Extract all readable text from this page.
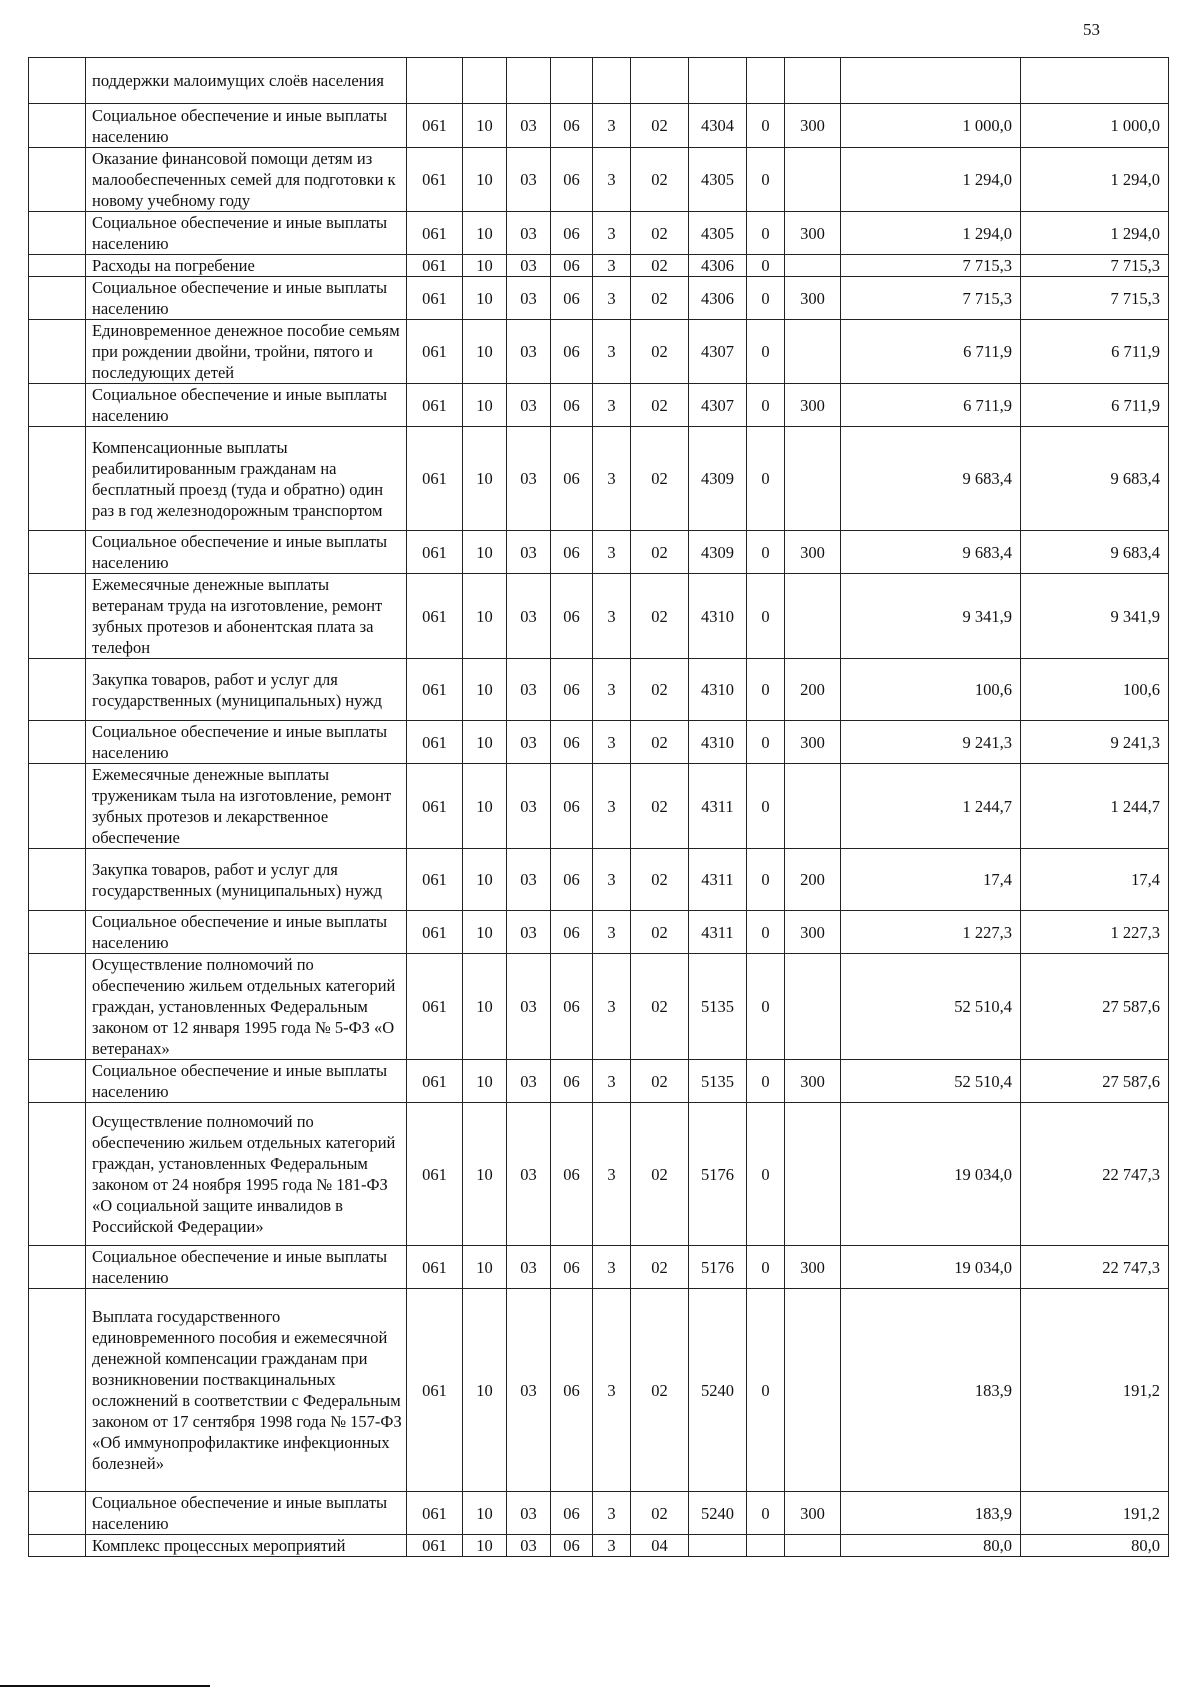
53
	поддержки малоимущих слоёв населения											
	Социальное обеспечение и иные выплаты населению	061	10	03	06	3	02	4304	0	300	1 000,0	1 000,0
	Оказание финансовой помощи детям из малообеспеченных семей для подготовки к новому учебному году	061	10	03	06	3	02	4305	0		1 294,0	1 294,0
	Социальное обеспечение и иные выплаты населению	061	10	03	06	3	02	4305	0	300	1 294,0	1 294,0
	Расходы на погребение	061	10	03	06	3	02	4306	0		7 715,3	7 715,3
	Социальное обеспечение и иные выплаты населению	061	10	03	06	3	02	4306	0	300	7 715,3	7 715,3
	Единовременное денежное пособие семьям при рождении двойни, тройни, пятого и последующих детей	061	10	03	06	3	02	4307	0		6 711,9	6 711,9
	Социальное обеспечение и иные выплаты населению	061	10	03	06	3	02	4307	0	300	6 711,9	6 711,9
	Компенсационные выплаты реабилитированным гражданам на бесплатный проезд (туда и обратно) один раз в год железнодорожным транспортом	061	10	03	06	3	02	4309	0		9 683,4	9 683,4
	Социальное обеспечение и иные выплаты населению	061	10	03	06	3	02	4309	0	300	9 683,4	9 683,4
	Ежемесячные денежные выплаты ветеранам труда на изготовление, ремонт зубных протезов и абонентская плата за телефон	061	10	03	06	3	02	4310	0		9 341,9	9 341,9
	Закупка товаров, работ и услуг для государственных (муниципальных) нужд	061	10	03	06	3	02	4310	0	200	100,6	100,6
	Социальное обеспечение и иные выплаты населению	061	10	03	06	3	02	4310	0	300	9 241,3	9 241,3
	Ежемесячные денежные выплаты труженикам тыла на изготовление, ремонт зубных протезов и лекарственное обеспечение	061	10	03	06	3	02	4311	0		1 244,7	1 244,7
	Закупка товаров, работ и услуг для государственных (муниципальных) нужд	061	10	03	06	3	02	4311	0	200	17,4	17,4
	Социальное обеспечение и иные выплаты населению	061	10	03	06	3	02	4311	0	300	1 227,3	1 227,3
	Осуществление полномочий по обеспечению жильем отдельных категорий граждан, установленных Федеральным законом от 12 января 1995 года № 5-ФЗ «О ветеранах»	061	10	03	06	3	02	5135	0		52 510,4	27 587,6
	Социальное обеспечение и иные выплаты населению	061	10	03	06	3	02	5135	0	300	52 510,4	27 587,6
	Осуществление полномочий по обеспечению жильем отдельных категорий граждан, установленных Федеральным законом от 24 ноября 1995 года № 181-ФЗ «О социальной защите инвалидов в Российской Федерации»	061	10	03	06	3	02	5176	0		19 034,0	22 747,3
	Социальное обеспечение и иные выплаты населению	061	10	03	06	3	02	5176	0	300	19 034,0	22 747,3
	Выплата государственного единовременного пособия и ежемесячной денежной компенсации гражданам при возникновении поствакцинальных осложнений в соответствии с Федеральным законом от 17 сентября 1998 года № 157-ФЗ «Об иммунопрофилактике инфекционных болезней»	061	10	03	06	3	02	5240	0		183,9	191,2
	Социальное обеспечение и иные выплаты населению	061	10	03	06	3	02	5240	0	300	183,9	191,2
	Комплекс процессных мероприятий	061	10	03	06	3	04				80,0	80,0
